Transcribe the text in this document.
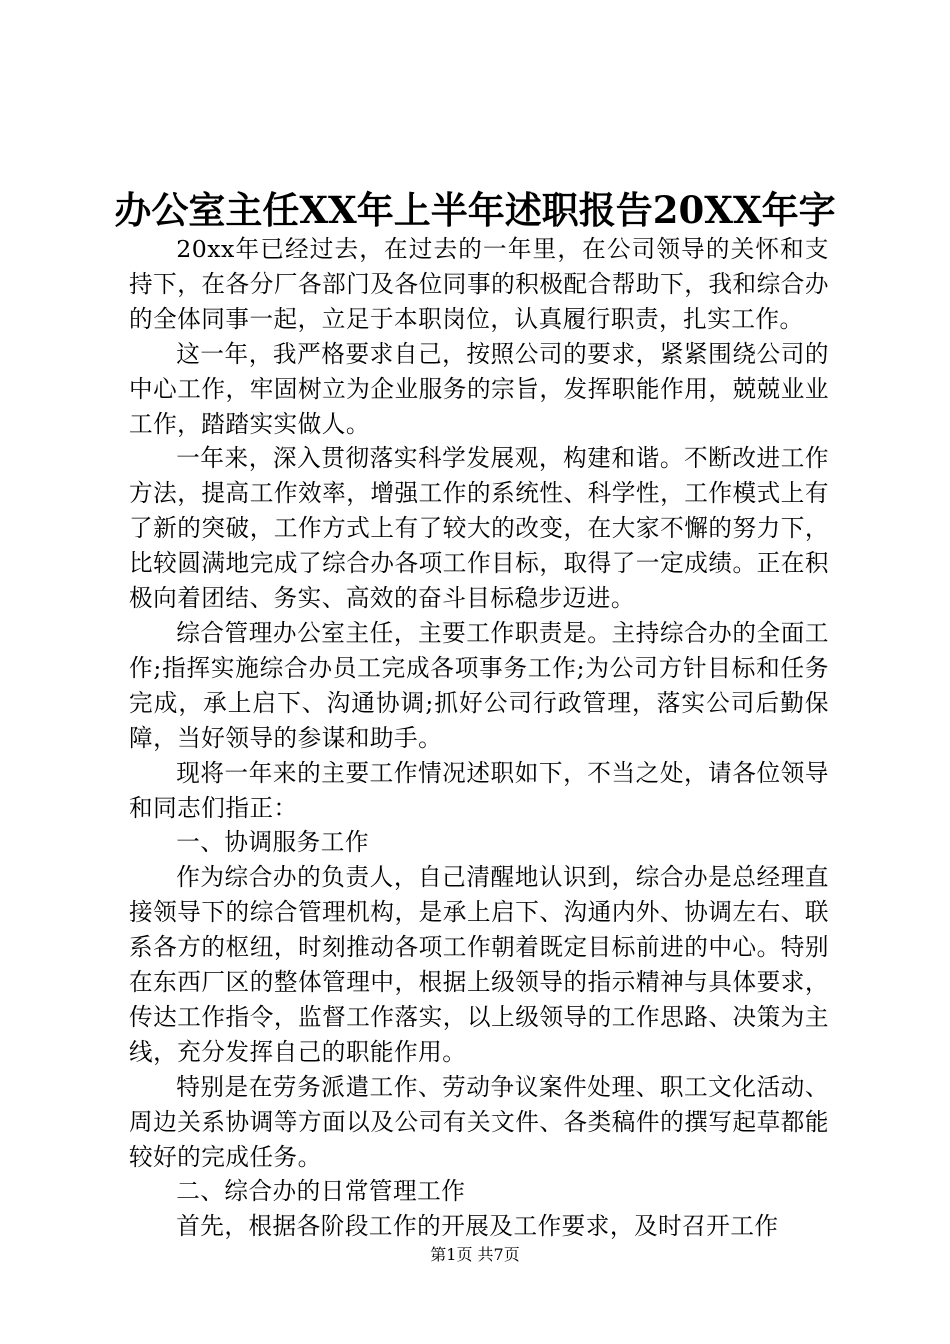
办公室主任XX年上半年述职报告20XX年字

20xx年已经过去，在过去的一年里，在公司领导的关怀和支持下，在各分厂各部门及各位同事的积极配合帮助下，我和综合办的全体同事一起，立足于本职岗位，认真履行职责，扎实工作。

这一年，我严格要求自己，按照公司的要求，紧紧围绕公司的中心工作，牢固树立为企业服务的宗旨，发挥职能作用，兢兢业业工作，踏踏实实做人。

一年来，深入贯彻落实科学发展观，构建和谐。不断改进工作方法，提高工作效率，增强工作的系统性、科学性，工作模式上有了新的突破，工作方式上有了较大的改变，在大家不懈的努力下，比较圆满地完成了综合办各项工作目标，取得了一定成绩。正在积极向着团结、务实、高效的奋斗目标稳步迈进。

综合管理办公室主任，主要工作职责是。主持综合办的全面工作;指挥实施综合办员工完成各项事务工作;为公司方针目标和任务完成，承上启下、沟通协调;抓好公司行政管理，落实公司后勤保障，当好领导的参谋和助手。

现将一年来的主要工作情况述职如下，不当之处，请各位领导和同志们指正：

一、协调服务工作

作为综合办的负责人，自己清醒地认识到，综合办是总经理直接领导下的综合管理机构，是承上启下、沟通内外、协调左右、联系各方的枢纽，时刻推动各项工作朝着既定目标前进的中心。特别在东西厂区的整体管理中，根据上级领导的指示精神与具体要求，传达工作指令，监督工作落实，以上级领导的工作思路、决策为主线，充分发挥自己的职能作用。

特别是在劳务派遣工作、劳动争议案件处理、职工文化活动、周边关系协调等方面以及公司有关文件、各类稿件的撰写起草都能较好的完成任务。

二、综合办的日常管理工作

首先，根据各阶段工作的开展及工作要求，及时召开工作

第1页 共7页
